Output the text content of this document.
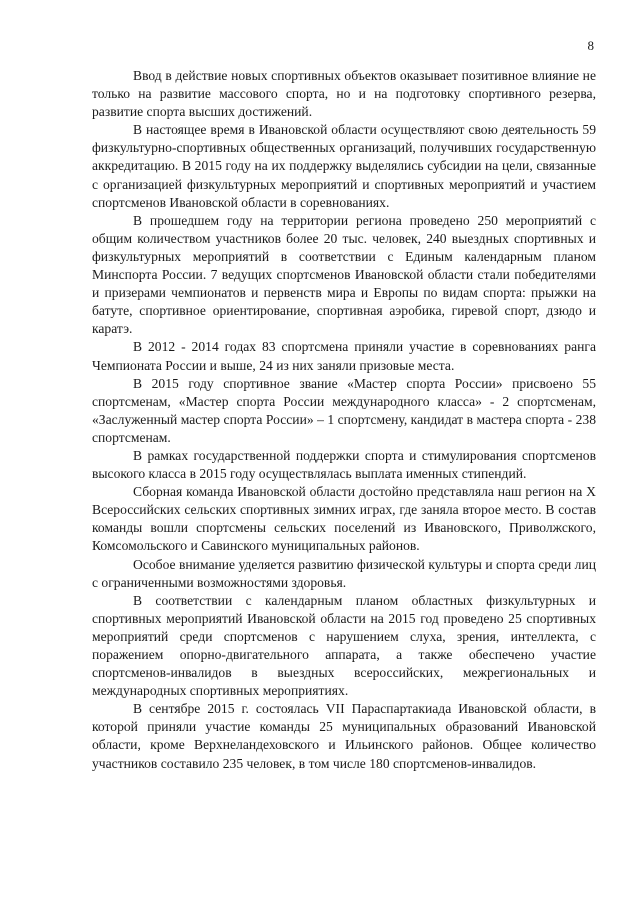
8

Ввод в действие новых спортивных объектов оказывает позитивное влияние не только на развитие массового спорта, но и на подготовку спортивного резерва, развитие спорта высших достижений.

В настоящее время в Ивановской области осуществляют свою деятельность 59 физкультурно-спортивных общественных организаций, получивших государственную аккредитацию. В 2015 году на их поддержку выделялись субсидии на цели, связанные с организацией физкультурных мероприятий и спортивных мероприятий и участием спортсменов Ивановской области в соревнованиях.

В прошедшем году на территории региона проведено 250 мероприятий с общим количеством участников более 20 тыс. человек, 240 выездных спортивных и физкультурных мероприятий в соответствии с Единым календарным планом Минспорта России. 7 ведущих спортсменов Ивановской области стали победителями и призерами чемпионатов и первенств мира и Европы по видам спорта: прыжки на батуте, спортивное ориентирование, спортивная аэробика, гиревой спорт, дзюдо и каратэ.

В 2012 - 2014 годах 83 спортсмена приняли участие в соревнованиях ранга Чемпионата России и выше, 24 из них заняли призовые места.

В 2015 году спортивное звание «Мастер спорта России» присвоено 55 спортсменам, «Мастер спорта России международного класса» - 2 спортсменам, «Заслуженный мастер спорта России» – 1 спортсмену, кандидат в мастера спорта - 238 спортсменам.

В рамках государственной поддержки спорта и стимулирования спортсменов высокого класса в 2015 году осуществлялась выплата именных стипендий.

Сборная команда Ивановской области достойно представляла наш регион на X Всероссийских сельских спортивных зимних играх, где заняла второе место. В состав команды вошли спортсмены сельских поселений из Ивановского, Приволжского, Комсомольского и Савинского муниципальных районов.

Особое внимание уделяется развитию физической культуры и спорта среди лиц с ограниченными возможностями здоровья.

В соответствии с календарным планом областных физкультурных и спортивных мероприятий Ивановской области на 2015 год проведено 25 спортивных мероприятий среди спортсменов с нарушением слуха, зрения, интеллекта, с поражением опорно-двигательного аппарата, а также обеспечено участие спортсменов-инвалидов в выездных всероссийских, межрегиональных и международных спортивных мероприятиях.

В сентябре 2015 г. состоялась VII Параспартакиада Ивановской области, в которой приняли участие команды 25 муниципальных образований Ивановской области, кроме Верхнеландеховского и Ильинского районов. Общее количество участников составило 235 человек, в том числе 180 спортсменов-инвалидов.
